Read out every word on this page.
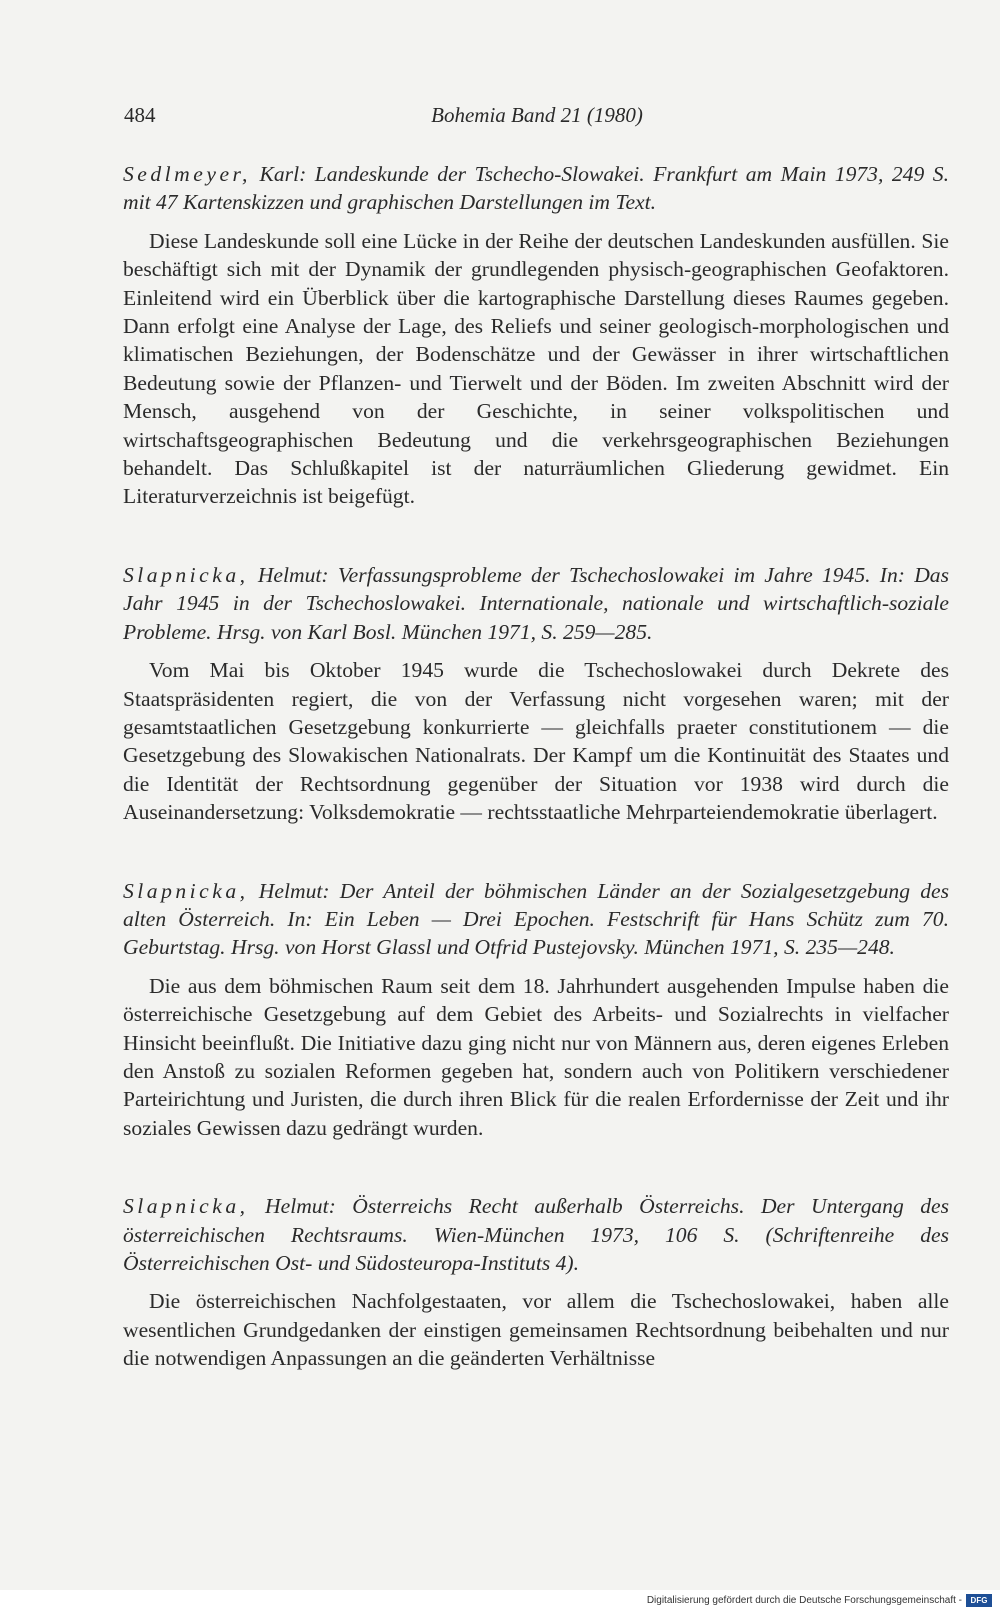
484	Bohemia Band 21 (1980)

Sedlmeyer, Karl: Landeskunde der Tschecho-Slowakei. Frankfurt am Main 1973, 249 S. mit 47 Kartenskizzen und graphischen Darstellungen im Text.

Diese Landeskunde soll eine Lücke in der Reihe der deutschen Landeskunden ausfüllen. Sie beschäftigt sich mit der Dynamik der grundlegenden physisch-geographischen Geofaktoren. Einleitend wird ein Überblick über die kartographische Darstellung dieses Raumes gegeben. Dann erfolgt eine Analyse der Lage, des Reliefs und seiner geologisch-morphologischen und klimatischen Beziehungen, der Bodenschätze und der Gewässer in ihrer wirtschaftlichen Bedeutung sowie der Pflanzen- und Tierwelt und der Böden. Im zweiten Abschnitt wird der Mensch, ausgehend von der Geschichte, in seiner volkspolitischen und wirtschaftsgeographischen Bedeutung und die verkehrsgeographischen Beziehungen behandelt. Das Schlußkapitel ist der naturräumlichen Gliederung gewidmet. Ein Literaturverzeichnis ist beigefügt.

Slapnicka, Helmut: Verfassungsprobleme der Tschechoslowakei im Jahre 1945. In: Das Jahr 1945 in der Tschechoslowakei. Internationale, nationale und wirtschaftlich-soziale Probleme. Hrsg. von Karl Bosl. München 1971, S. 259—285.

Vom Mai bis Oktober 1945 wurde die Tschechoslowakei durch Dekrete des Staatspräsidenten regiert, die von der Verfassung nicht vorgesehen waren; mit der gesamtstaatlichen Gesetzgebung konkurrierte — gleichfalls praeter constitutionem — die Gesetzgebung des Slowakischen Nationalrats. Der Kampf um die Kontinuität des Staates und die Identität der Rechtsordnung gegenüber der Situation vor 1938 wird durch die Auseinandersetzung: Volksdemokratie — rechtsstaatliche Mehrparteiendemokratie überlagert.

Slapnicka, Helmut: Der Anteil der böhmischen Länder an der Sozialgesetzgebung des alten Österreich. In: Ein Leben — Drei Epochen. Festschrift für Hans Schütz zum 70. Geburtstag. Hrsg. von Horst Glassl und Otfrid Pustejovsky. München 1971, S. 235—248.

Die aus dem böhmischen Raum seit dem 18. Jahrhundert ausgehenden Impulse haben die österreichische Gesetzgebung auf dem Gebiet des Arbeits- und Sozialrechts in vielfacher Hinsicht beeinflußt. Die Initiative dazu ging nicht nur von Männern aus, deren eigenes Erleben den Anstoß zu sozialen Reformen gegeben hat, sondern auch von Politikern verschiedener Parteirichtung und Juristen, die durch ihren Blick für die realen Erfordernisse der Zeit und ihr soziales Gewissen dazu gedrängt wurden.

Slapnicka, Helmut: Österreichs Recht außerhalb Österreichs. Der Untergang des österreichischen Rechtsraums. Wien-München 1973, 106 S. (Schriftenreihe des Österreichischen Ost- und Südosteuropa-Instituts 4).

Die österreichischen Nachfolgestaaten, vor allem die Tschechoslowakei, haben alle wesentlichen Grundgedanken der einstigen gemeinsamen Rechtsordnung beibehalten und nur die notwendigen Anpassungen an die geänderten Verhältnisse

Digitalisierung gefördert durch die Deutsche Forschungsgemeinschaft -	DFG
